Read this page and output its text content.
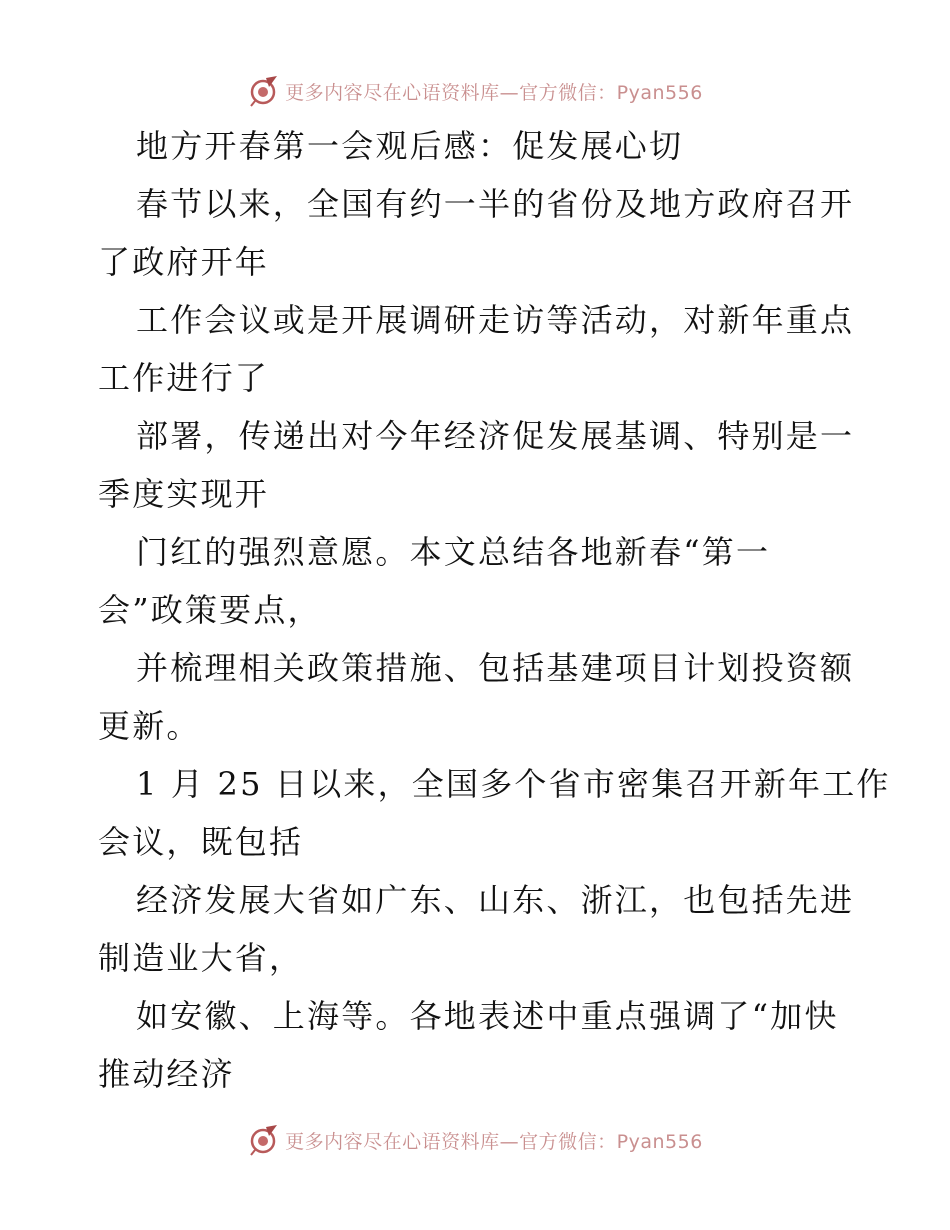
更多内容尽在心语资料库—官方微信：Pyan556
地方开春第一会观后感：促发展心切
春节以来，全国有约一半的省份及地方政府召开
了政府开年
工作会议或是开展调研走访等活动，对新年重点
工作进行了
部署，传递出对今年经济促发展基调、特别是一
季度实现开
门红的强烈意愿。本文总结各地新春“第一
会”政策要点，
并梳理相关政策措施、包括基建项目计划投资额
更新。
1 月 25 日以来，全国多个省市密集召开新年工作
会议，既包括
经济发展大省如广东、山东、浙江，也包括先进
制造业大省，
如安徽、上海等。各地表述中重点强调了“加快
推动经济
更多内容尽在心语资料库—官方微信：Pyan556
